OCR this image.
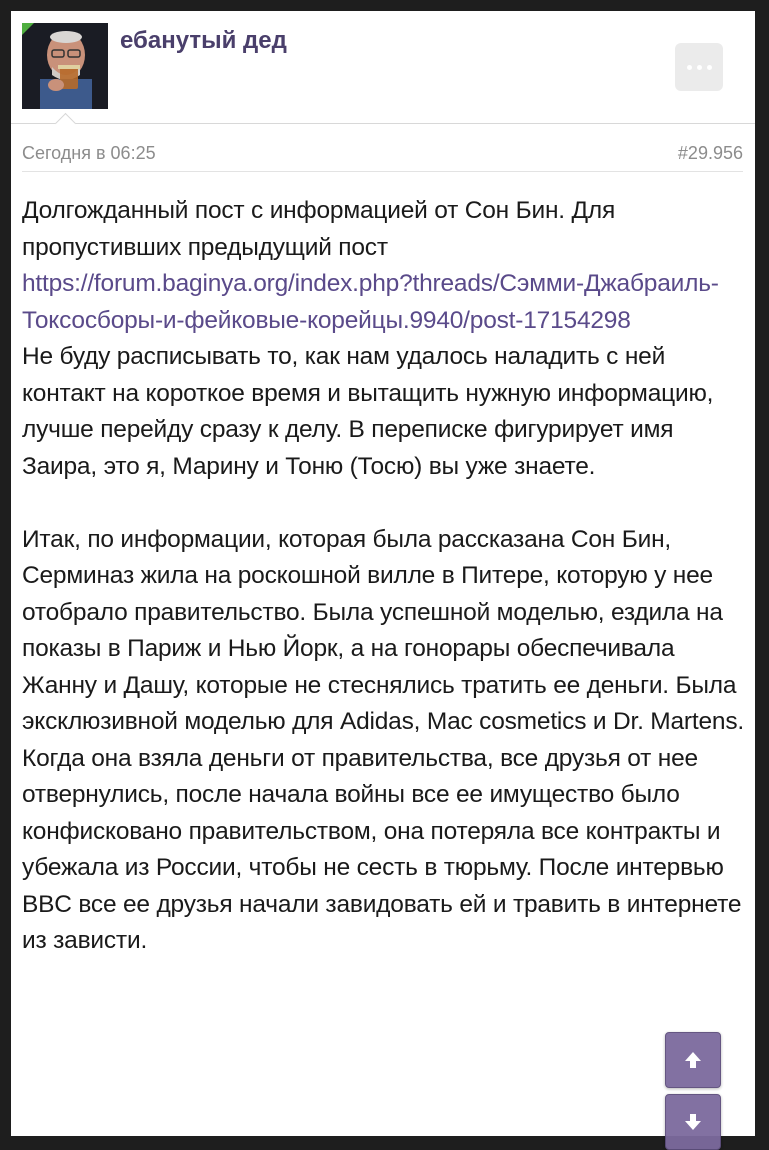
ебанутый дед
Сегодня в 06:25	#29.956

Долгожданный пост с информацией от Сон Бин. Для пропустивших предыдущий пост

https://forum.baginya.org/index.php?threads/Сэмми-Джабраиль-Токсосборы-и-фейковые-корейцы.9940/post-17154298

Не буду расписывать то, как нам удалось наладить с ней контакт на короткое время и вытащить нужную информацию, лучше перейду сразу к делу. В переписке фигурирует имя Заира, это я, Марину и Тоню (Тосю) вы уже знаете.

Итак, по информации, которая была рассказана Сон Бин, Серминаз жила на роскошной вилле в Питере, которую у нее отобрало правительство. Была успешной моделью, ездила на показы в Париж и Нью Йорк, а на гонорары обеспечивала Жанну и Дашу, которые не стеснялись тратить ее деньги. Была эксклюзивной моделью для Adidas, Mac cosmetics и Dr. Martens. Когда она взяла деньги от правительства, все друзья от нее отвернулись, после начала войны все ее имущество было конфисковано правительством, она потеряла все контракты и убежала из России, чтобы не сесть в тюрьму. После интервью BBC все ее друзья начали завидовать ей и травить в интернете из зависти.
